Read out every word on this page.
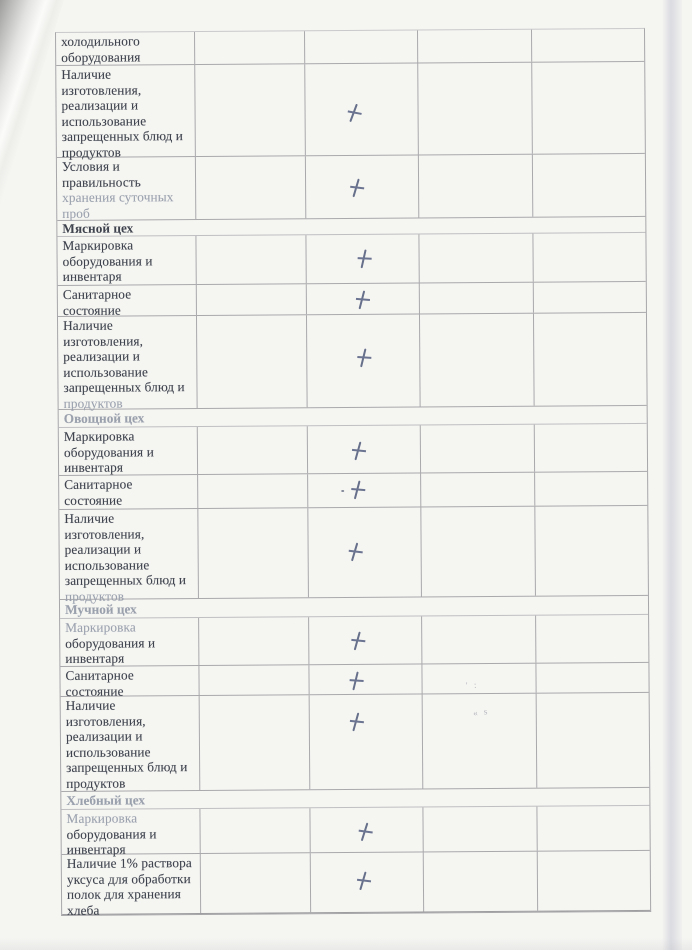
холодильного
оборудования
Наличие
изготовления,
реализации и
использование
запрещенных блюд и
продуктов
Условия и
правильность
хранения суточных
проб
Мясной цех
Маркировка
оборудования и
инвентаря
Санитарное
состояние
Наличие
изготовления,
реализации и
использование
запрещенных блюд и
продуктов
Овощной цех
Маркировка
оборудования и
инвентаря
Санитарное
состояние
Наличие
изготовления,
реализации и
использование
запрещенных блюд и
продуктов
Мучной цех
Маркировка
оборудования и
инвентаря
Санитарное
состояние
Наличие
изготовления,
реализации и
использование
запрещенных блюд и
продуктов
Хлебный цех
Маркировка
оборудования и
инвентаря
Наличие 1% раствора
уксуса для обработки
полок для хранения
хлеба
' :
« s
